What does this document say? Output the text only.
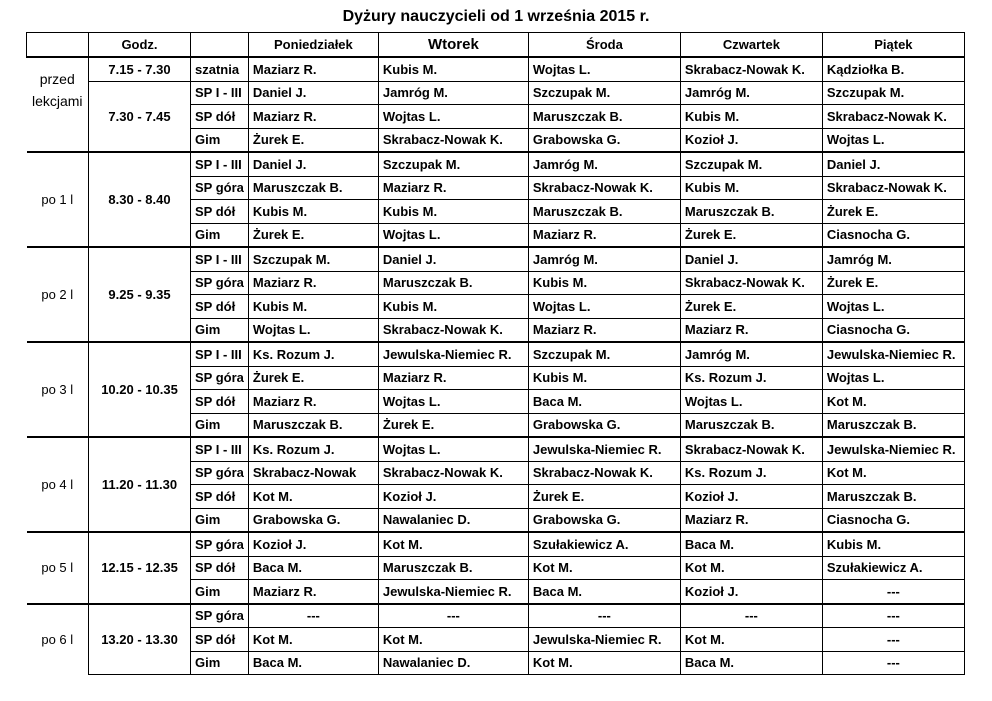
Dyżury nauczycieli od 1 września 2015 r.
	Godz.		Poniedziałek	Wtorek	Środa	Czwartek	Piątek

przed
lekcjami	7.15 - 7.30	szatnia	Maziarz R.	Kubis M.	Wojtas L.	Skrabacz-Nowak K.	Kądziołka B.
	7.30 - 7.45	SP I - III	Daniel J.	Jamróg M.	Szczupak M.	Jamróg M.	Szczupak M.
		SP dół	Maziarz R.	Wojtas L.	Maruszczak B.	Kubis M.	Skrabacz-Nowak K.
		Gim	Żurek E.	Skrabacz-Nowak K.	Grabowska G.	Kozioł J.	Wojtas L.
po 1 l	8.30 - 8.40	SP I - III	Daniel J.	Szczupak M.	Jamróg M.	Szczupak M.	Daniel J.
		SP góra	Maruszczak B.	Maziarz R.	Skrabacz-Nowak K.	Kubis M.	Skrabacz-Nowak K.
		SP dół	Kubis M.	Kubis M.	Maruszczak B.	Maruszczak B.	Żurek E.
		Gim	Żurek E.	Wojtas L.	Maziarz R.	Żurek E.	Ciasnocha G.
po 2 l	9.25 - 9.35	SP I - III	Szczupak M.	Daniel J.	Jamróg M.	Daniel J.	Jamróg M.
		SP góra	Maziarz R.	Maruszczak B.	Kubis M.	Skrabacz-Nowak K.	Żurek E.
		SP dół	Kubis M.	Kubis M.	Wojtas L.	Żurek E.	Wojtas L.
		Gim	Wojtas L.	Skrabacz-Nowak K.	Maziarz R.	Maziarz R.	Ciasnocha G.
po 3 l	10.20 - 10.35	SP I - III	Ks. Rozum J.	Jewulska-Niemiec R.	Szczupak M.	Jamróg M.	Jewulska-Niemiec R.
		SP góra	Żurek E.	Maziarz R.	Kubis M.	Ks. Rozum J.	Wojtas L.
		SP dół	Maziarz R.	Wojtas L.	Baca M.	Wojtas L.	Kot M.
		Gim	Maruszczak B.	Żurek E.	Grabowska G.	Maruszczak B.	Maruszczak B.
po 4 l	11.20 - 11.30	SP I - III	Ks. Rozum J.	Wojtas L.	Jewulska-Niemiec R.	Skrabacz-Nowak K.	Jewulska-Niemiec R.
		SP góra	Skrabacz-Nowak	Skrabacz-Nowak K.	Skrabacz-Nowak K.	Ks. Rozum J.	Kot M.
		SP dół	Kot M.	Kozioł J.	Żurek E.	Kozioł J.	Maruszczak B.
		Gim	Grabowska G.	Nawalaniec D.	Grabowska G.	Maziarz R.	Ciasnocha G.
po 5 l	12.15 - 12.35	SP góra	Kozioł J.	Kot M.	Szułakiewicz A.	Baca M.	Kubis M.
		SP dół	Baca M.	Maruszczak B.	Kot M.	Kot M.	Szułakiewicz A.
		Gim	Maziarz R.	Jewulska-Niemiec R.	Baca M.	Kozioł J.	---
po 6 l	13.20 - 13.30	SP góra	---	---	---	---	---
		SP dół	Kot M.	Kot M.	Jewulska-Niemiec R.	Kot M.	---
		Gim	Baca M.	Nawalaniec D.	Kot M.	Baca M.	---
